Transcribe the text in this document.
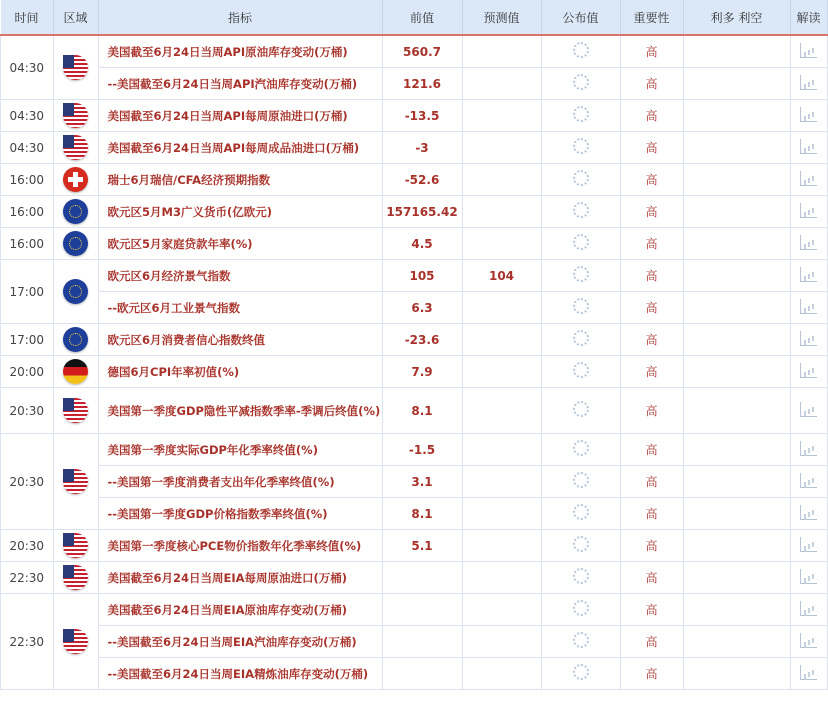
时间	区域	指标	前值	预测值	公布值	重要性	利多 利空	解读
04:30		美国截至6月24日当周API原油库存变动(万桶)	560.7			高		
		--美国截至6月24日当周API汽油库存变动(万桶)	121.6			高		
04:30		美国截至6月24日当周API每周原油进口(万桶)	-13.5			高		
04:30		美国截至6月24日当周API每周成品油进口(万桶)	-3			高		
16:00		瑞士6月瑞信/CFA经济预期指数	-52.6			高		
16:00		欧元区5月M3广义货币(亿欧元)	157165.42			高		
16:00		欧元区5月家庭贷款年率(%)	4.5			高		
17:00		欧元区6月经济景气指数	105	104		高		
		--欧元区6月工业景气指数	6.3			高		
17:00		欧元区6月消费者信心指数终值	-23.6			高		
20:00		德国6月CPI年率初值(%)	7.9			高		
20:30		美国第一季度GDP隐性平减指数季率-季调后终值(%)	8.1			高		
20:30		美国第一季度实际GDP年化季率终值(%)	-1.5			高		
		--美国第一季度消费者支出年化季率终值(%)	3.1			高		
		--美国第一季度GDP价格指数季率终值(%)	8.1			高		
20:30		美国第一季度核心PCE物价指数年化季率终值(%)	5.1			高		
22:30		美国截至6月24日当周EIA每周原油进口(万桶)				高		
22:30		美国截至6月24日当周EIA原油库存变动(万桶)				高		
		--美国截至6月24日当周EIA汽油库存变动(万桶)				高		
		--美国截至6月24日当周EIA精炼油库存变动(万桶)				高		
